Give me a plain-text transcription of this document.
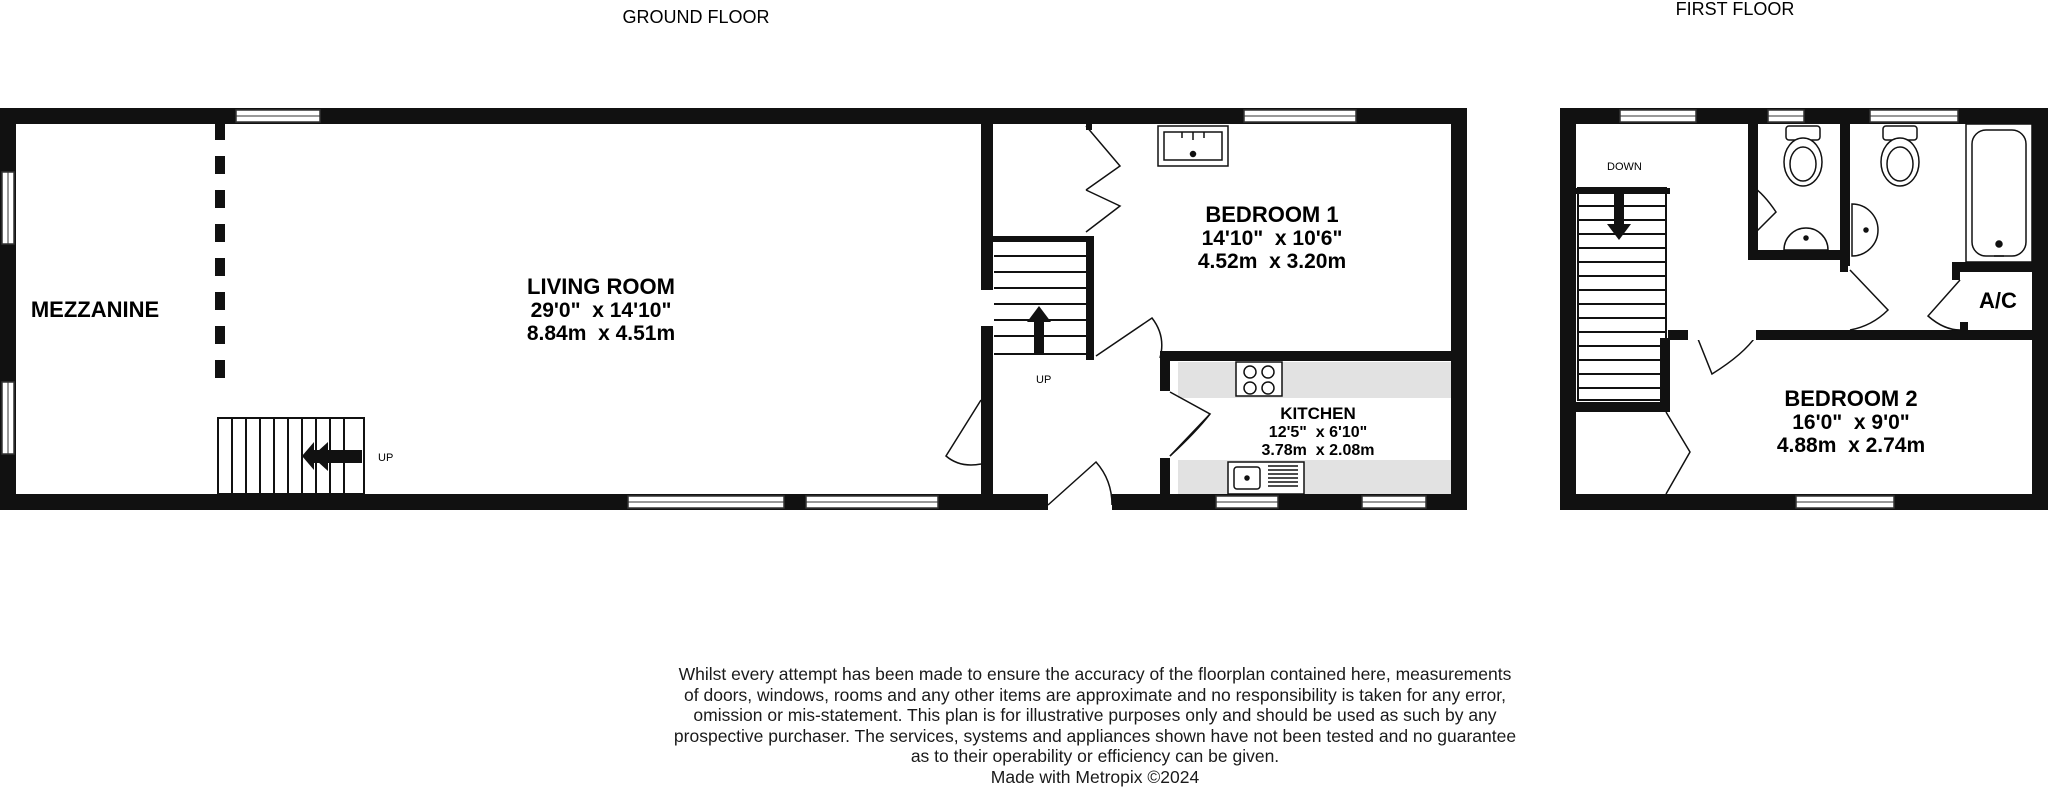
GROUND FLOOR
MEZZANINE
UP
LIVING ROOM
29'0"  x 14'10"
8.84m  x 4.51m
BEDROOM 1
14'10"  x 10'6"
4.52m  x 3.20m
UP
KITCHEN
12'5"  x 6'10"
3.78m  x 2.08m
FIRST FLOOR
DOWN
A/C
BEDROOM 2
16'0"  x 9'0"
4.88m  x 2.74m
Whilst every attempt has been made to ensure the accuracy of the floorplan contained here, measurements
of doors, windows, rooms and any other items are approximate and no responsibility is taken for any error,
omission or mis-statement. This plan is for illustrative purposes only and should be used as such by any
prospective purchaser. The services, systems and appliances shown have not been tested and no guarantee
as to their operability or efficiency can be given.
Made with Metropix ©2024
